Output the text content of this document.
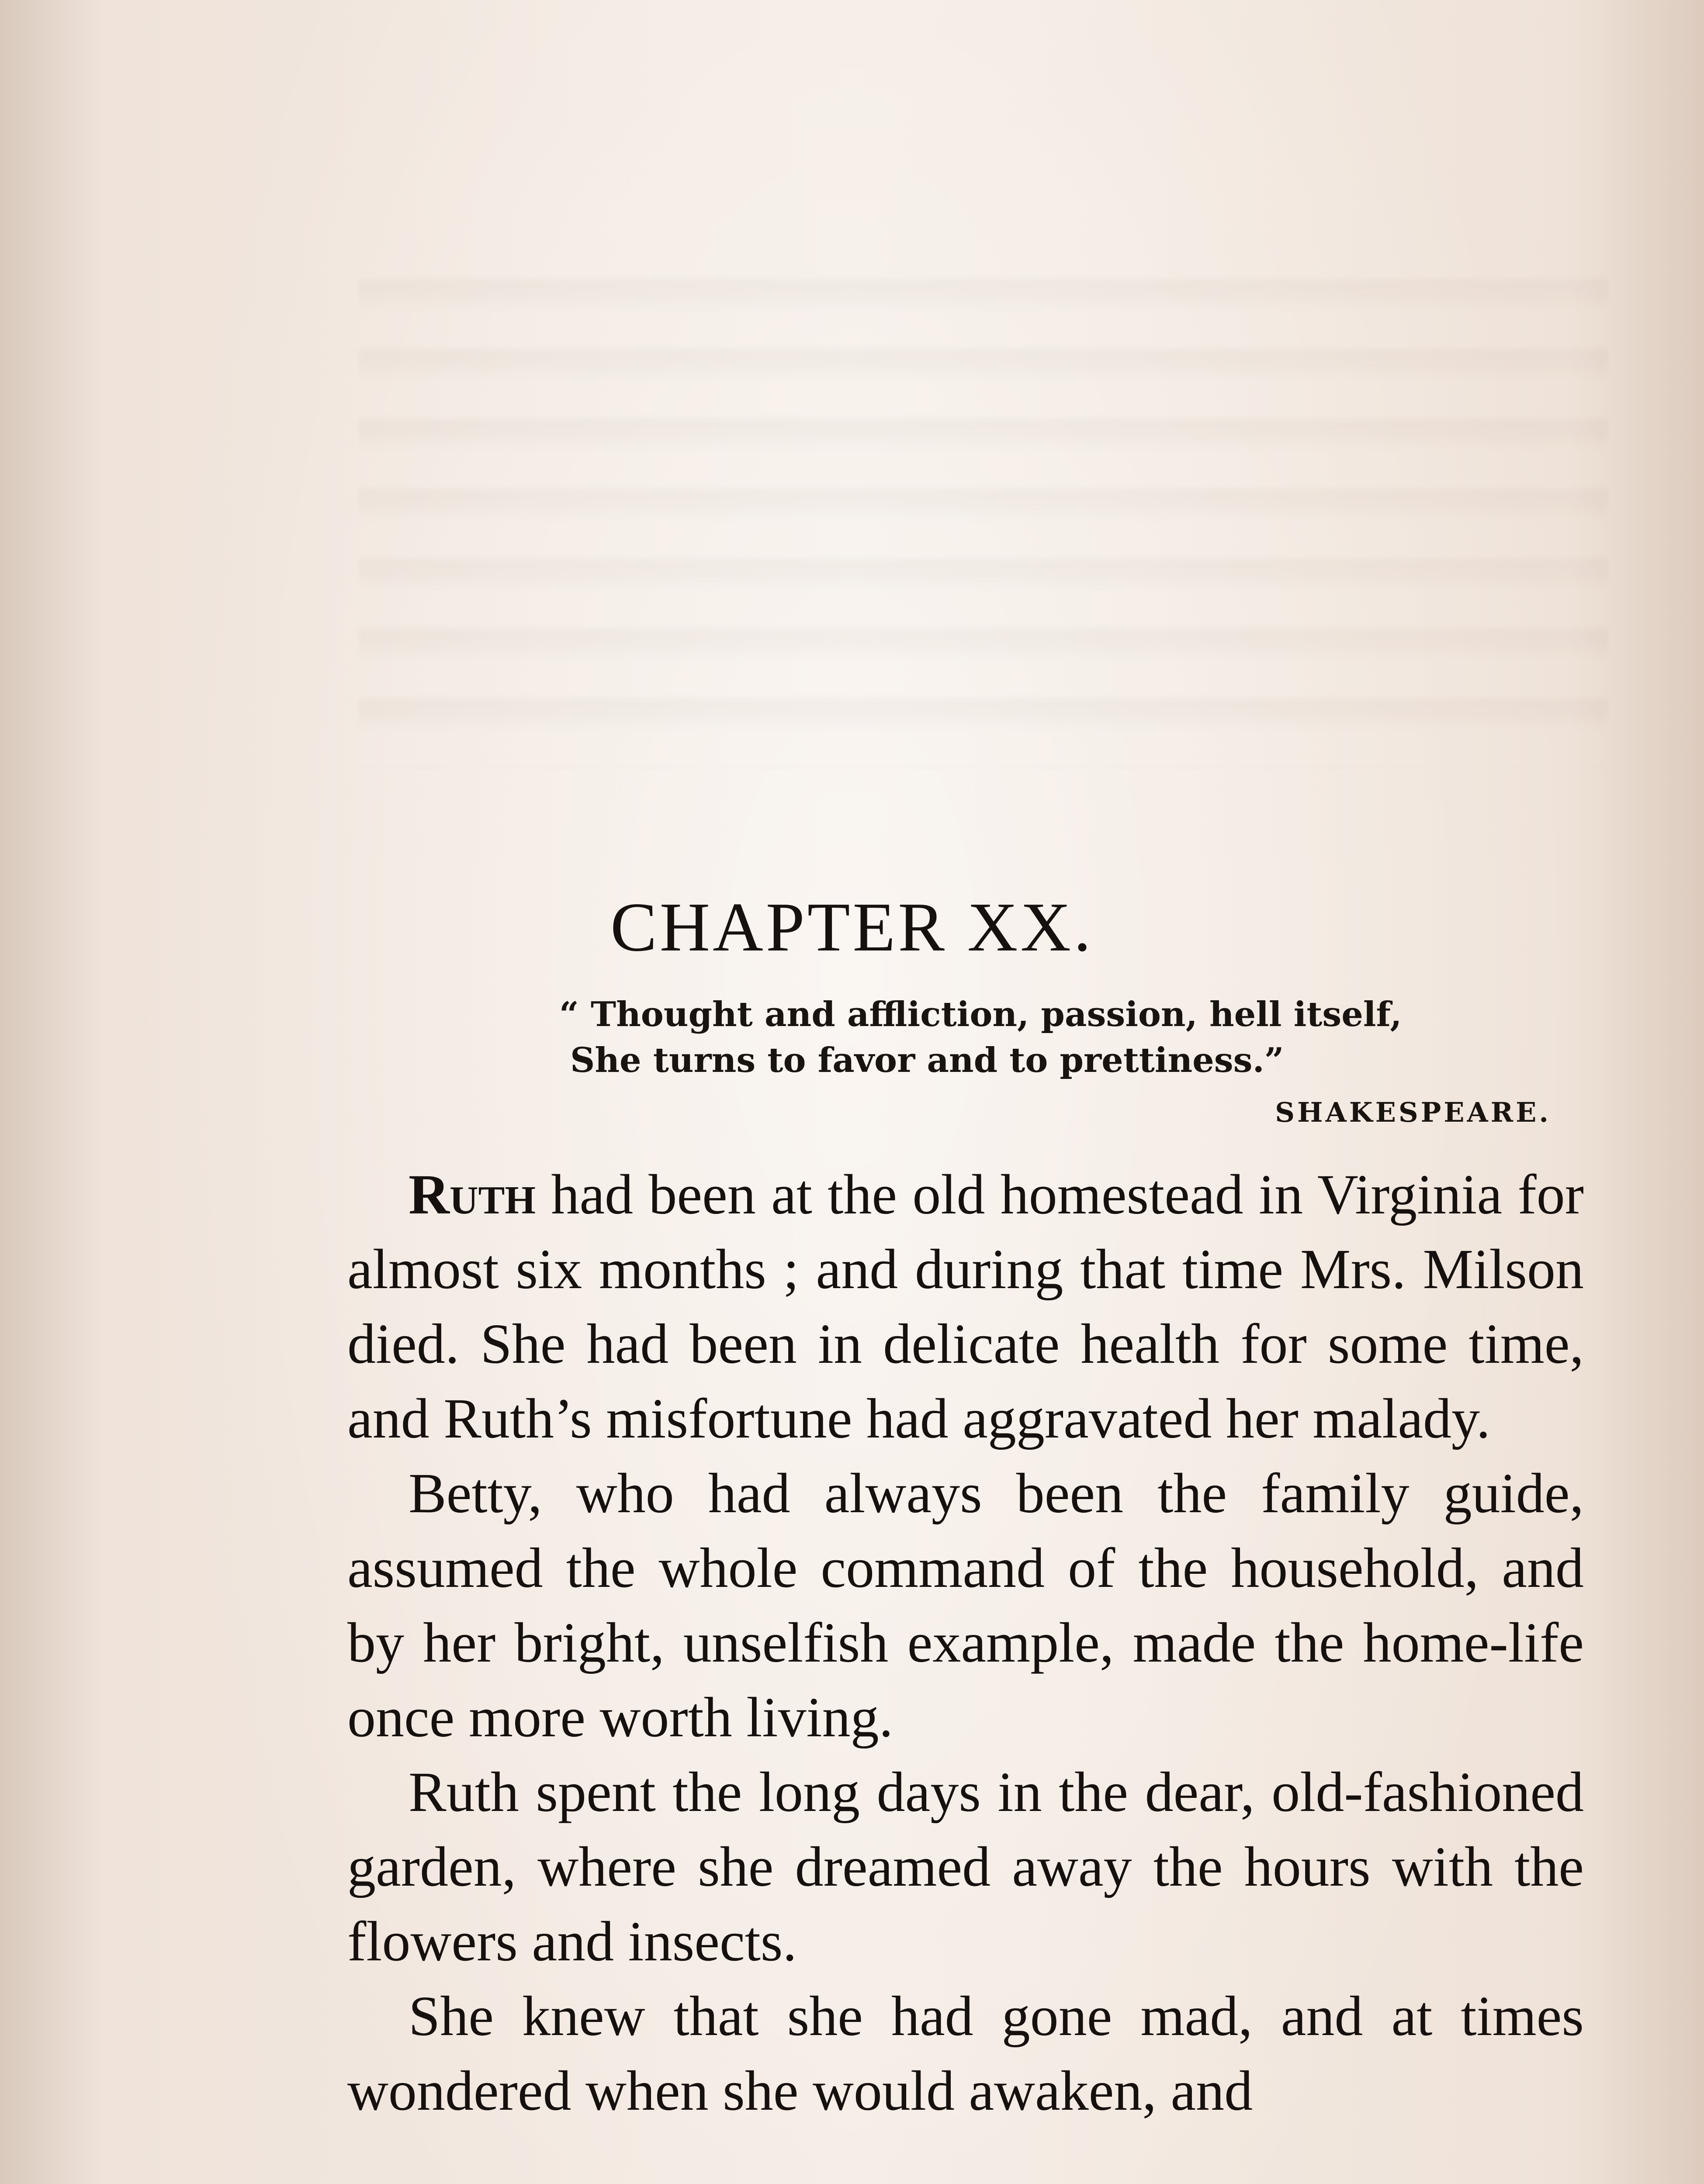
CHAPTER XX.
“ Thought and affliction, passion, hell itself,
She turns to favor and to prettiness.”
SHAKESPEARE.

Ruth had been at the old homestead in Virginia for almost six months ; and during that time Mrs. Milson died. She had been in delicate health for some time, and Ruth’s misfortune had aggravated her malady.

Betty, who had always been the family guide, assumed the whole command of the household, and by her bright, unselfish example, made the home-life once more worth living.

Ruth spent the long days in the dear, old-fashioned garden, where she dreamed away the hours with the flowers and insects.

She knew that she had gone mad, and at times wondered when she would awaken, and
